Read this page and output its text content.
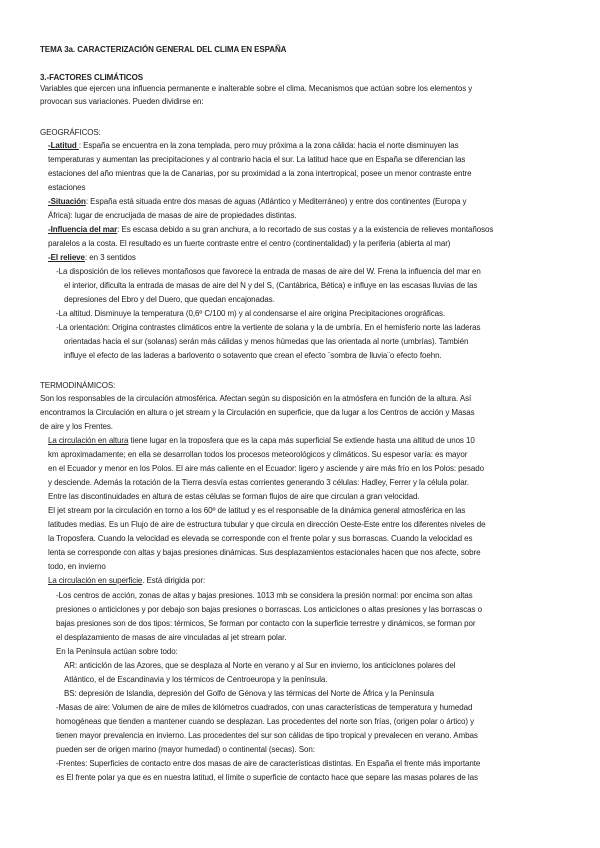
TEMA 3a. CARACTERIZACIÓN GENERAL DEL CLIMA EN ESPAÑA
3.-FACTORES CLIMÁTICOS
Variables que ejercen una influencia permanente e inalterable sobre el clima. Mecanismos que actúan sobre los elementos y
provocan sus variaciones. Pueden dividirse en:
GEOGRÁFICOS:
-Latitud : España se encuentra en la zona templada, pero muy próxima a la zona cálida: hacia el norte disminuyen las
temperaturas y aumentan las precipitaciones y al contrario hacia el sur. La latitud hace que en España se diferencian las
estaciones del año mientras que la de Canarias, por su proximidad a la zona intertropical, posee un menor contraste entre
estaciones
-Situación: España está situada entre dos masas de aguas (Atlántico y Mediterráneo) y entre dos continentes (Europa y
África): lugar de encrucijada de masas de aire de propiedades distintas.
-Influencia del mar: Es escasa debido a su gran anchura, a lo recortado de sus costas y a la existencia de relieves montañosos
paralelos a la costa. El resultado es un fuerte contraste entre el centro (continentalidad) y la periferia (abierta al mar)
-El relieve: en 3 sentidos
-La disposición de los relieves montañosos que favorece la entrada de masas de aire del W. Frena la influencia del mar en
el interior, dificulta la entrada de masas de aire del N y del S, (Cantábrica, Bética) e influye en las escasas lluvias de las
depresiones del Ebro y del Duero, que quedan encajonadas.
-La altitud. Disminuye la temperatura (0,6º C/100 m) y al condensarse el aire origina Precipitaciones orográficas.
-La orientación: Origina contrastes climáticos entre la vertiente de solana y la de umbría. En el hemisferio norte las laderas
orientadas hacia el sur (solanas) serán más cálidas y menos húmedas que las orientada al norte (umbrías). También
influye el efecto de las laderas a barlovento o sotavento que crean el efecto ¨sombra de lluvia¨o efecto foehn.
TERMODINÁMICOS:
Son los responsables de la circulación atmosférica. Afectan según su disposición en la atmósfera en función de la altura. Así
encontramos la Circulación en altura o jet stream y la Circulación en superficie, que da lugar a los Centros de acción y Masas
de aire y los Frentes.
La circulación en altura tiene lugar en la troposfera que es la capa más superficial Se extiende hasta una altitud de unos 10
km aproximadamente; en ella se desarrollan todos los procesos meteorológicos y climáticos. Su espesor varía: es mayor
en el Ecuador y menor en los Polos. El aire más caliente en el Ecuador: ligero y asciende y aire más frío en los Polos: pesado
y desciende. Además la rotación de la Tierra desvía estas corrientes generando 3 células: Hadley, Ferrer y la célula polar.
Entre las discontinuidades en altura de estas células se forman flujos de aire que circulan a gran velocidad.
El jet stream por la circulación en torno a los 60º de latitud y es el responsable de la dinámica general atmosférica en las
latitudes medias. Es un Flujo de aire de estructura tubular y que circula en dirección Oeste-Este entre los diferentes niveles de
la Troposfera. Cuando la velocidad es elevada se corresponde con el frente polar y sus borrascas. Cuando la velocidad es
lenta se corresponde con altas y bajas presiones dinámicas. Sus desplazamientos estacionales hacen que nos afecte, sobre
todo, en invierno
La circulación en superficie. Está dirigida por:
-Los centros de acción, zonas de altas y bajas presiones. 1013 mb se considera la presión normal: por encima son altas
presiones o anticiclones y por debajo son bajas presiones o borrascas. Los anticiclones o altas presiones y las borrascas o
bajas presiones son de dos tipos: térmicos, Se forman por contacto con la superficie terrestre y dinámicos, se forman por
el desplazamiento de masas de aire vinculadas al jet stream polar.
En la Península actúan sobre todo:
AR: anticiclón de las Azores, que se desplaza al Norte en verano y al Sur en invierno, los anticiclones polares del
Atlántico, el de Escandinavia y los térmicos de Centroeuropa y la península.
BS: depresión de Islandia, depresión del Golfo de Génova y las térmicas del Norte de África y la Península
-Masas de aire: Volumen de aire de miles de kilómetros cuadrados, con unas características de temperatura y humedad
homogéneas que tienden a mantener cuando se desplazan. Las procedentes del norte son frías, (origen polar o ártico) y
tienen mayor prevalencia en invierno. Las procedentes del sur son cálidas de tipo tropical y prevalecen en verano. Ambas
pueden ser de origen marino (mayor humedad) o continental (secas). Son:
-Frentes: Superficies de contacto entre dos masas de aire de características distintas. En España el frente más importante
es El frente polar ya que es en nuestra latitud, el límite o superficie de contacto hace que separe las masas polares de las
